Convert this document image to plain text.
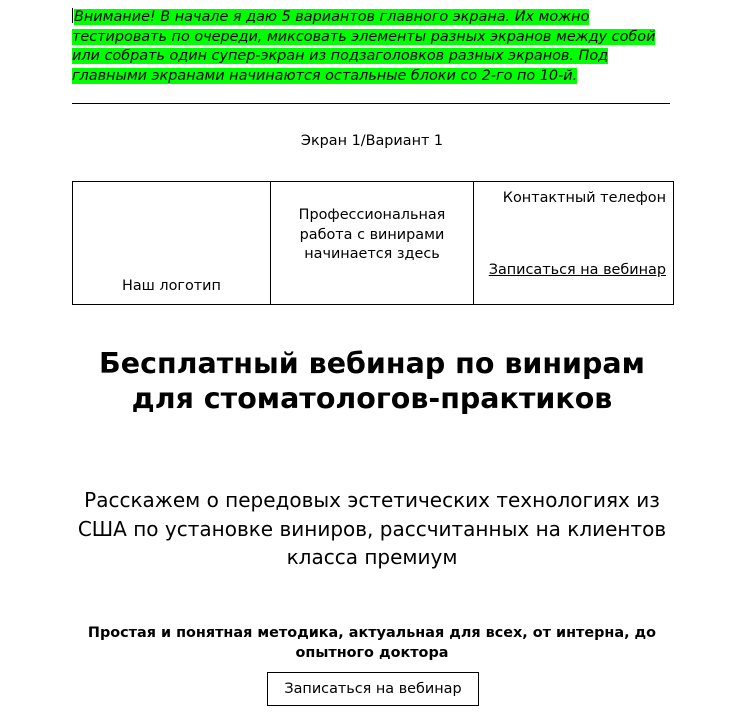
Внимание! В начале я даю 5 вариантов главного экрана. Их можно тестировать по очереди, миксовать элементы разных экранов между собой или собрать один супер-экран из подзаголовков разных экранов. Под главными экранами начинаются остальные блоки со 2-го по 10-й.

Экран 1/Вариант 1
Наш логотип
Профессиональная работа с винирами начинается здесь
Контактный телефон
Записаться на вебинар
Бесплатный вебинар по винирам для стоматологов-практиков

Расскажем о передовых эстетических технологиях из США по установке виниров, рассчитанных на клиентов класса премиум

Простая и понятная методика, актуальная для всех, от интерна, до опытного доктора

Записаться на вебинар
